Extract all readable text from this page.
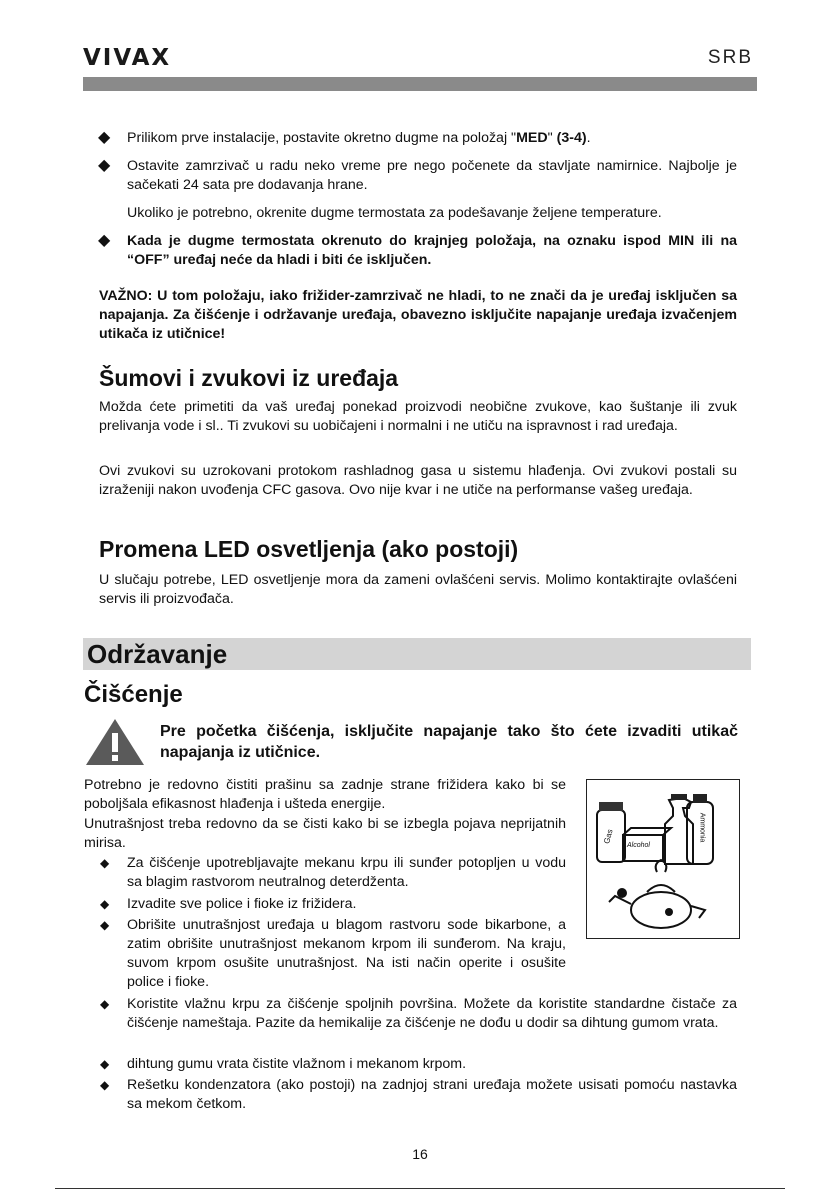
VIVAX	SRB
◆ Prilikom prve instalacije, postavite okretno dugme na položaj "MED" (3-4).
◆ Ostavite zamrzivač u radu neko vreme pre nego počenete da stavljate namirnice. Najbolje je sačekati 24 sata pre dodavanja hrane.
Ukoliko je potrebno, okrenite dugme termostata za podešavanje željene temperature.
◆ Kada je dugme termostata okrenuto do krajnjeg položaja, na oznaku ispod MIN ili na “OFF” uređaj neće da hladi i biti će isključen.
VAŽNO: U tom položaju, iako frižider-zamrzivač ne hladi, to ne znači da je uređaj isključen sa napajanja. Za čišćenje i održavanje uređaja, obavezno isključite napajanje uređaja izvačenjem utikača iz utičnice!
Šumovi i zvukovi iz uređaja
Možda ćete primetiti da vaš uređaj ponekad proizvodi neobične zvukove, kao šuštanje ili zvuk prelivanja vode i sl.. Ti zvukovi su uobičajeni i normalni i ne utiču na ispravnost i rad uređaja.
Ovi zvukovi su uzrokovani protokom rashladnog gasa u sistemu hlađenja. Ovi zvukovi postali su izraženiji nakon uvođenja CFC gasova. Ovo nije kvar i ne utiče na performanse vašeg uređaja.
Promena LED osvetljenja (ako postoji)
U slučaju potrebe, LED osvetljenje mora da zameni ovlašćeni servis. Molimo kontaktirajte ovlašćeni servis ili proizvođača.
Održavanje
Čišćenje
Pre početka čišćenja, isključite napajanje tako što ćete izvaditi utikač napajanja iz utičnice.
Potrebno je redovno čistiti prašinu sa zadnje strane frižidera kako bi se poboljšala efikasnost hlađenja i ušteda energije.
Unutrašnjost treba redovno da se čisti kako bi se izbegla pojava neprijatnih mirisa.
◆ Za čišćenje upotrebljavajte mekanu krpu ili sunđer potopljen u vodu sa blagim rastvorom neutralnog deterdženta.
◆ Izvadite sve police i fioke iz frižidera.
◆ Obrišite unutrašnjost uređaja u blagom rastvoru sode bikarbone, a zatim obrišite unutrašnjost mekanom krpom ili sunđerom. Na kraju, suvom krpom osušite unutrašnjost. Na isti način operite i osušite police i fioke.
◆ Koristite vlažnu krpu za čišćenje spoljnih površina. Možete da koristite standardne čistače za čišćenje nameštaja. Pazite da hemikalije za čišćenje ne dođu u dodir sa dihtung gumom vrata.
◆ dihtung gumu vrata čistite vlažnom i mekanom krpom.
◆ Rešetku kondenzatora (ako postoji) na zadnjoj strani uređaja možete usisati pomoću nastavka sa mekom četkom.
Gas
Alcohol
Ammonia
16
